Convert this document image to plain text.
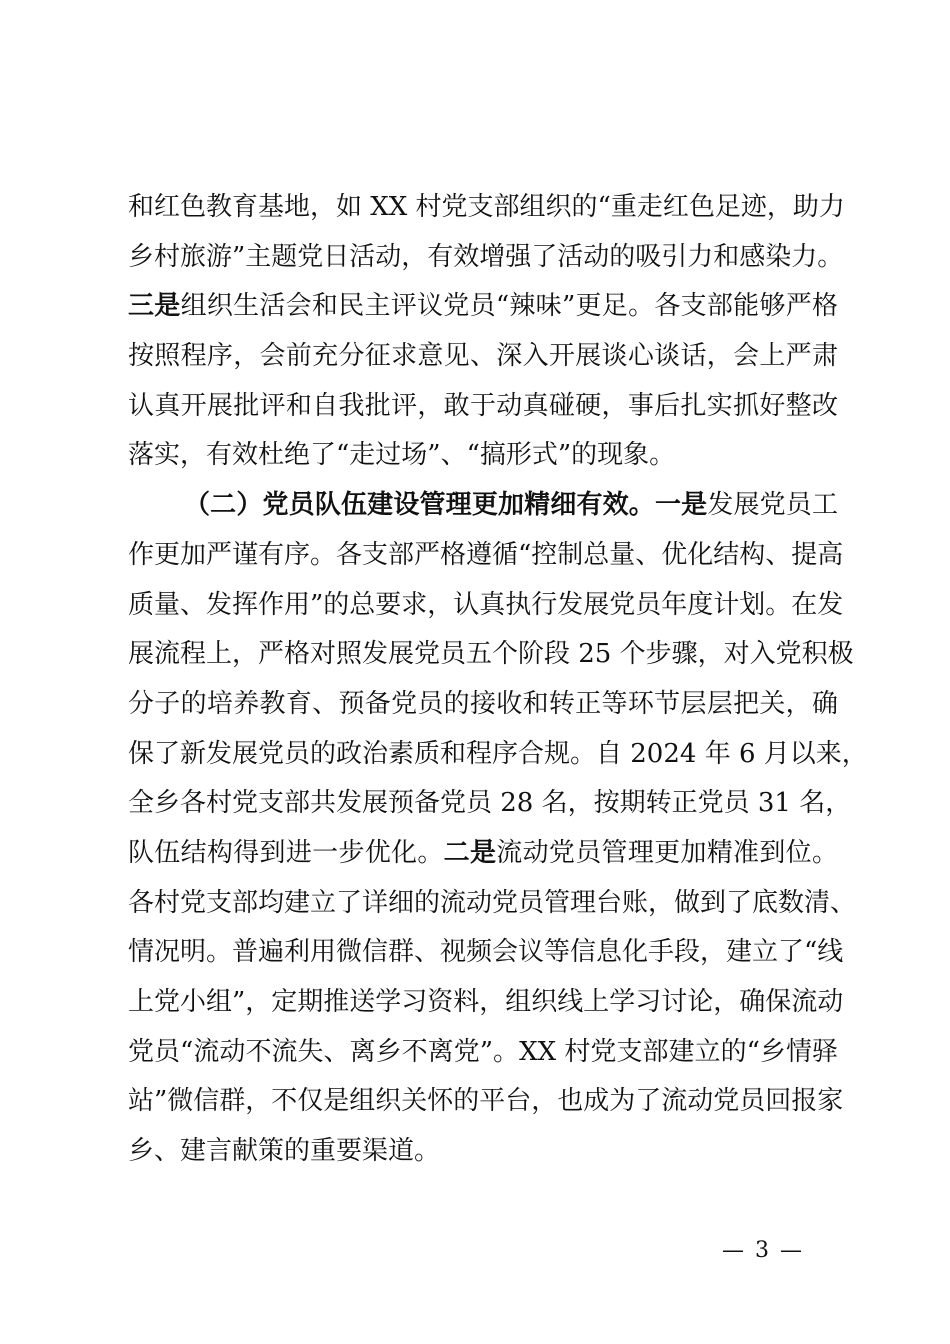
和红色教育基地，如 XX 村党支部组织的“重走红色足迹，助力
乡村旅游”主题党日活动，有效增强了活动的吸引力和感染力。
三是组织生活会和民主评议党员“辣味”更足。各支部能够严格
按照程序，会前充分征求意见、深入开展谈心谈话，会上严肃
认真开展批评和自我批评，敢于动真碰硬，事后扎实抓好整改
落实，有效杜绝了“走过场”、“搞形式”的现象。
（二）党员队伍建设管理更加精细有效。一是发展党员工
作更加严谨有序。各支部严格遵循“控制总量、优化结构、提高
质量、发挥作用”的总要求，认真执行发展党员年度计划。在发
展流程上，严格对照发展党员五个阶段 25 个步骤，对入党积极
分子的培养教育、预备党员的接收和转正等环节层层把关，确
保了新发展党员的政治素质和程序合规。自 2024 年 6 月以来，
全乡各村党支部共发展预备党员 28 名，按期转正党员 31 名，
队伍结构得到进一步优化。二是流动党员管理更加精准到位。
各村党支部均建立了详细的流动党员管理台账，做到了底数清、
情况明。普遍利用微信群、视频会议等信息化手段，建立了“线
上党小组”，定期推送学习资料，组织线上学习讨论，确保流动
党员“流动不流失、离乡不离党”。XX 村党支部建立的“乡情驿
站”微信群，不仅是组织关怀的平台，也成为了流动党员回报家
乡、建言献策的重要渠道。
— 3 —
